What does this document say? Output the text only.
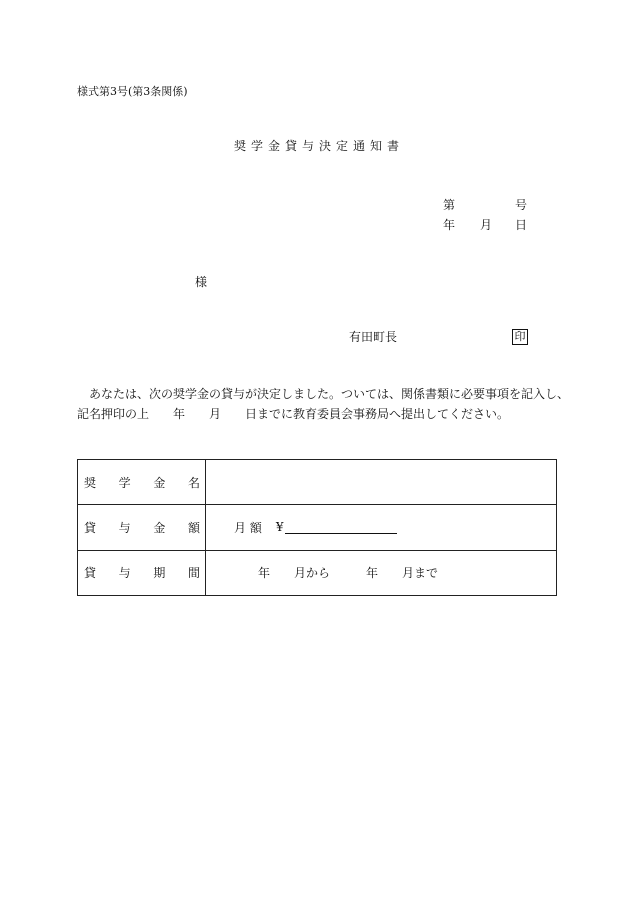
様式第3号(第3条関係)
奨学金貸与決定通知書
第	号
年 月 日
様
有田町長	印
あなたは、次の奨学金の貸与が決定しました。ついては、関係書類に必要事項を記入し、
記名押印の上 年 月 日までに教育委員会事務局へ提出してください。
奨 学 金 名	

貸 与 金 額	月 額 ¥

貸 与 期 間	年 月から 年 月まで
